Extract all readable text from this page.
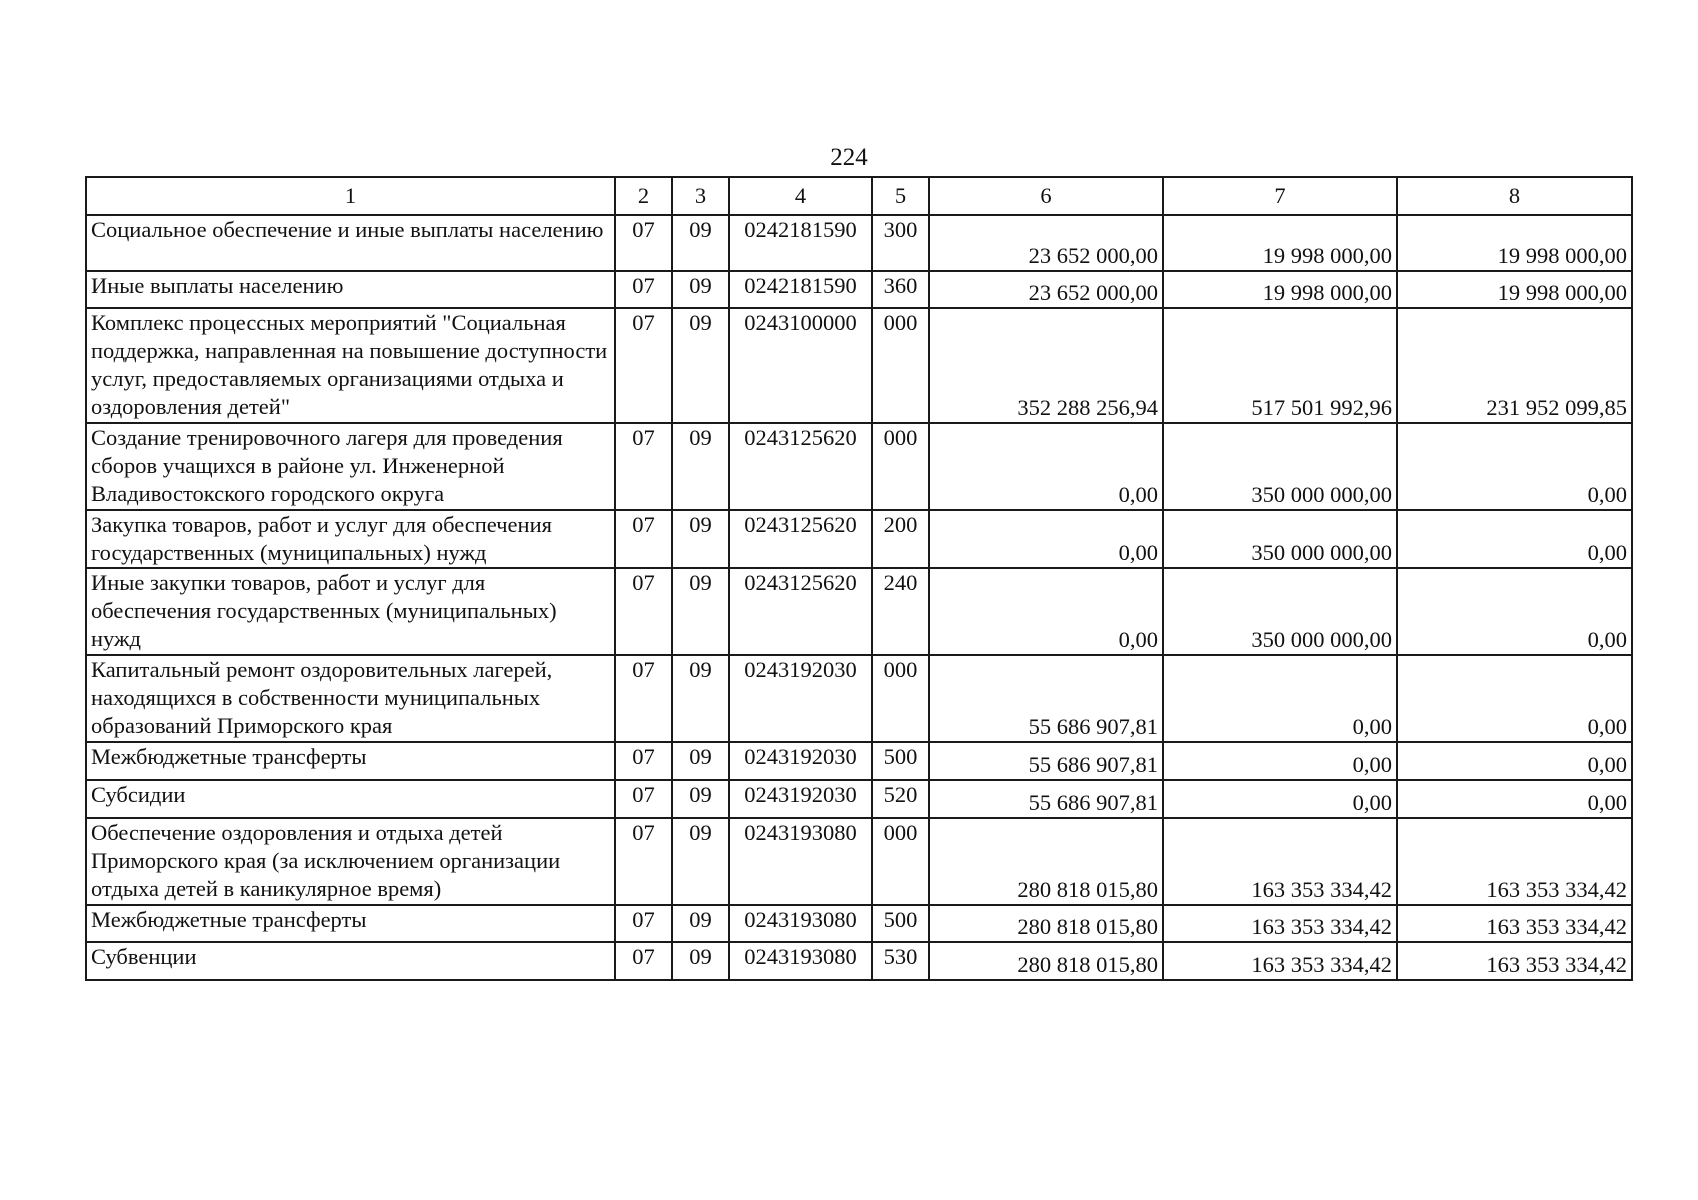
224
1	2	3	4	5	6	7	8
Социальное обеспечение и иные выплаты населению	07	09	0242181590	300	23 652 000,00	19 998 000,00	19 998 000,00
Иные выплаты населению	07	09	0242181590	360	23 652 000,00	19 998 000,00	19 998 000,00
Комплекс процессных мероприятий "Социальная поддержка, направленная на повышение доступности услуг, предоставляемых организациями отдыха и оздоровления детей"	07	09	0243100000	000	352 288 256,94	517 501 992,96	231 952 099,85
Создание тренировочного лагеря для проведения сборов учащихся в районе ул. Инженерной Владивостокского городского округа	07	09	0243125620	000	0,00	350 000 000,00	0,00
Закупка товаров, работ и услуг для обеспечения государственных (муниципальных) нужд	07	09	0243125620	200	0,00	350 000 000,00	0,00
Иные закупки товаров, работ и услуг для обеспечения государственных (муниципальных) нужд	07	09	0243125620	240	0,00	350 000 000,00	0,00
Капитальный ремонт оздоровительных лагерей, находящихся в собственности муниципальных образований Приморского края	07	09	0243192030	000	55 686 907,81	0,00	0,00
Межбюджетные трансферты	07	09	0243192030	500	55 686 907,81	0,00	0,00
Субсидии	07	09	0243192030	520	55 686 907,81	0,00	0,00
Обеспечение оздоровления и отдыха детей Приморского края (за исключением организации отдыха детей в каникулярное время)	07	09	0243193080	000	280 818 015,80	163 353 334,42	163 353 334,42
Межбюджетные трансферты	07	09	0243193080	500	280 818 015,80	163 353 334,42	163 353 334,42
Субвенции	07	09	0243193080	530	280 818 015,80	163 353 334,42	163 353 334,42
